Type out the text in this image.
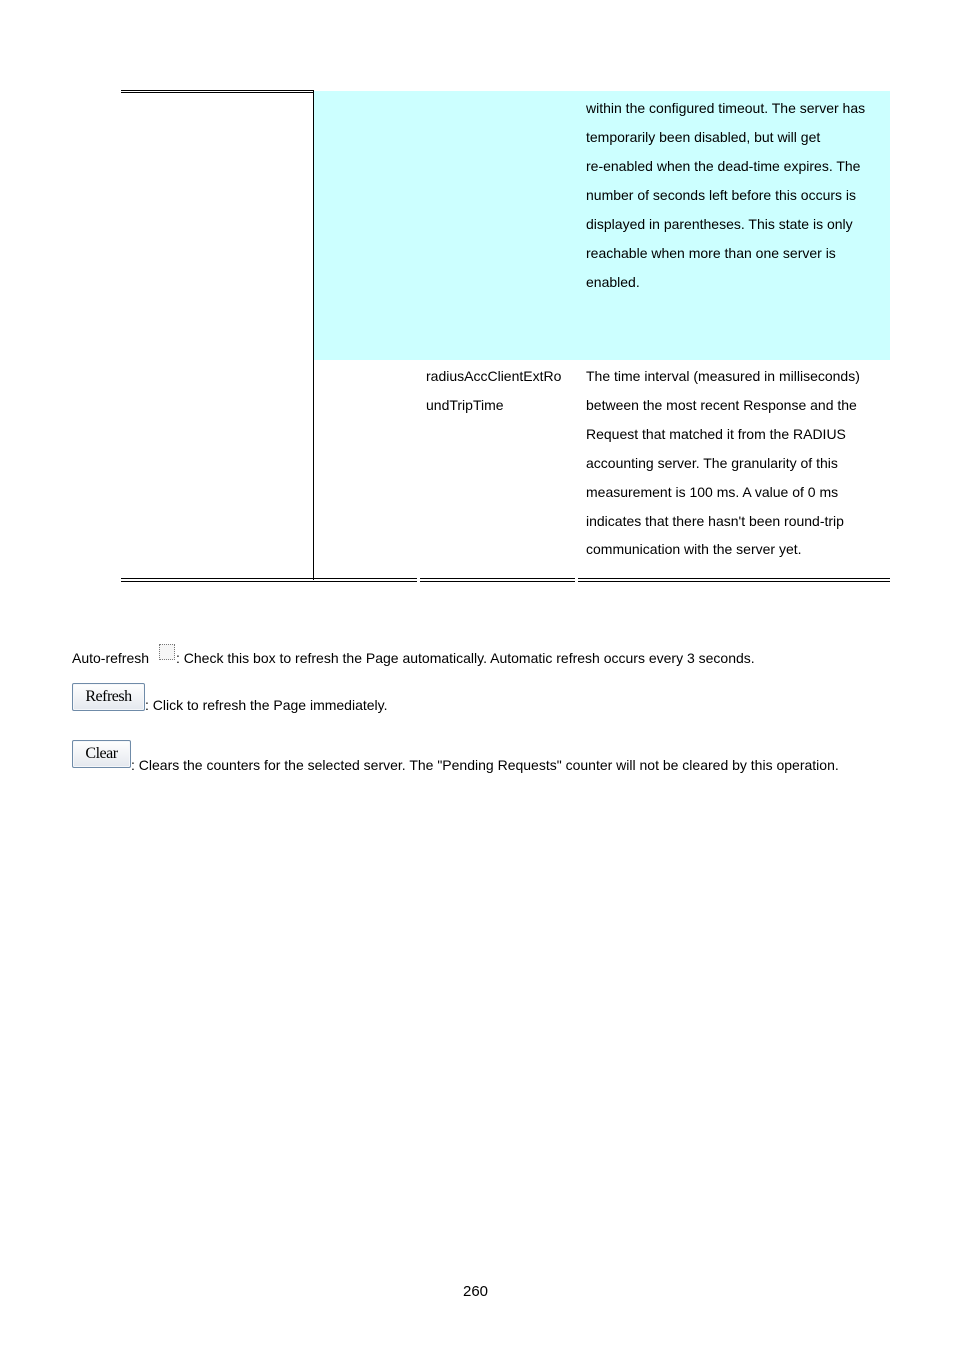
within the configured timeout. The server has
temporarily been disabled, but will get
re-enabled when the dead-time expires. The
number of seconds left before this occurs is
displayed in parentheses. This state is only
reachable when more than one server is
enabled.
radiusAccClientExtRo
undTripTime
The time interval (measured in milliseconds)
between the most recent Response and the
Request that matched it from the RADIUS
accounting server. The granularity of this
measurement is 100 ms. A value of 0 ms
indicates that there hasn't been round-trip
communication with the server yet.
Auto-refresh : Check this box to refresh the Page automatically. Automatic refresh occurs every 3 seconds.
Refresh : Click to refresh the Page immediately.
Clear
: Clears the counters for the selected server. The "Pending Requests" counter will not be cleared by this operation.
260
